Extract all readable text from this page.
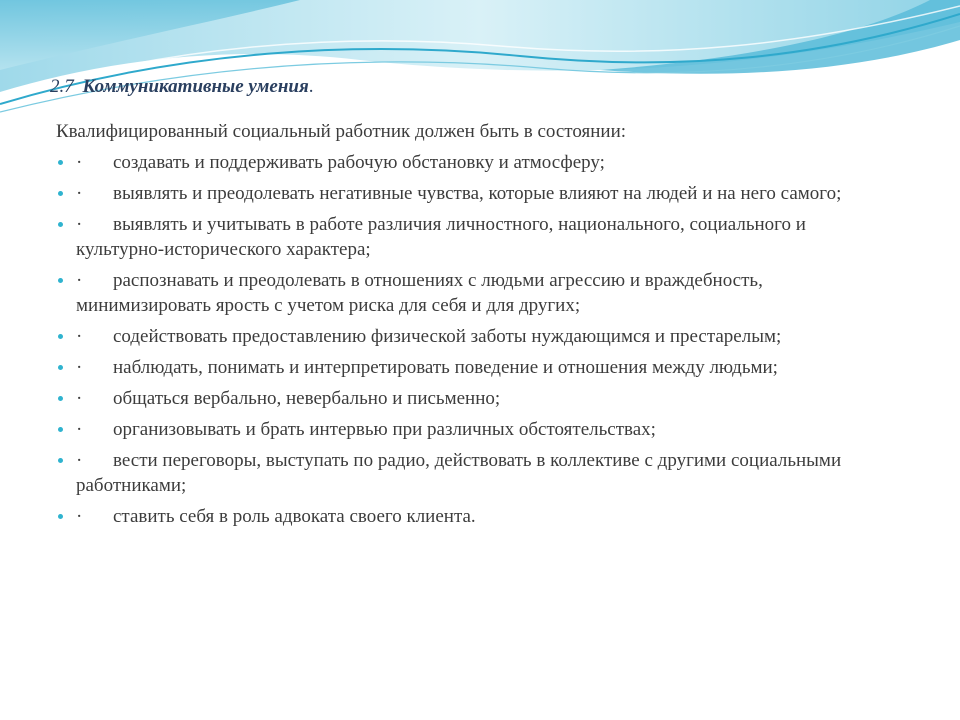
2.7 Коммуникативные умения.

Квалифицированный социальный работник должен быть в состоянии:

· создавать и поддерживать рабочую обстановку и атмосферу;
· выявлять и преодолевать негативные чувства, которые влияют на людей и на него самого;
· выявлять и учитывать в работе различия личностного, национального, социального и культурно-исторического характера;
· распознавать и преодолевать в отношениях с людьми агрессию и враждебность, минимизировать ярость с учетом риска для себя и для других;
· содействовать предоставлению физической заботы нуждающимся и престарелым;
· наблюдать, понимать и интерпретировать поведение и отношения между людьми;
· общаться вербально, невербально и письменно;
· организовывать и брать интервью при различных обстоятельствах;
· вести переговоры, выступать по радио, действовать в коллективе с другими социальными работниками;
· ставить себя в роль адвоката своего клиента.
